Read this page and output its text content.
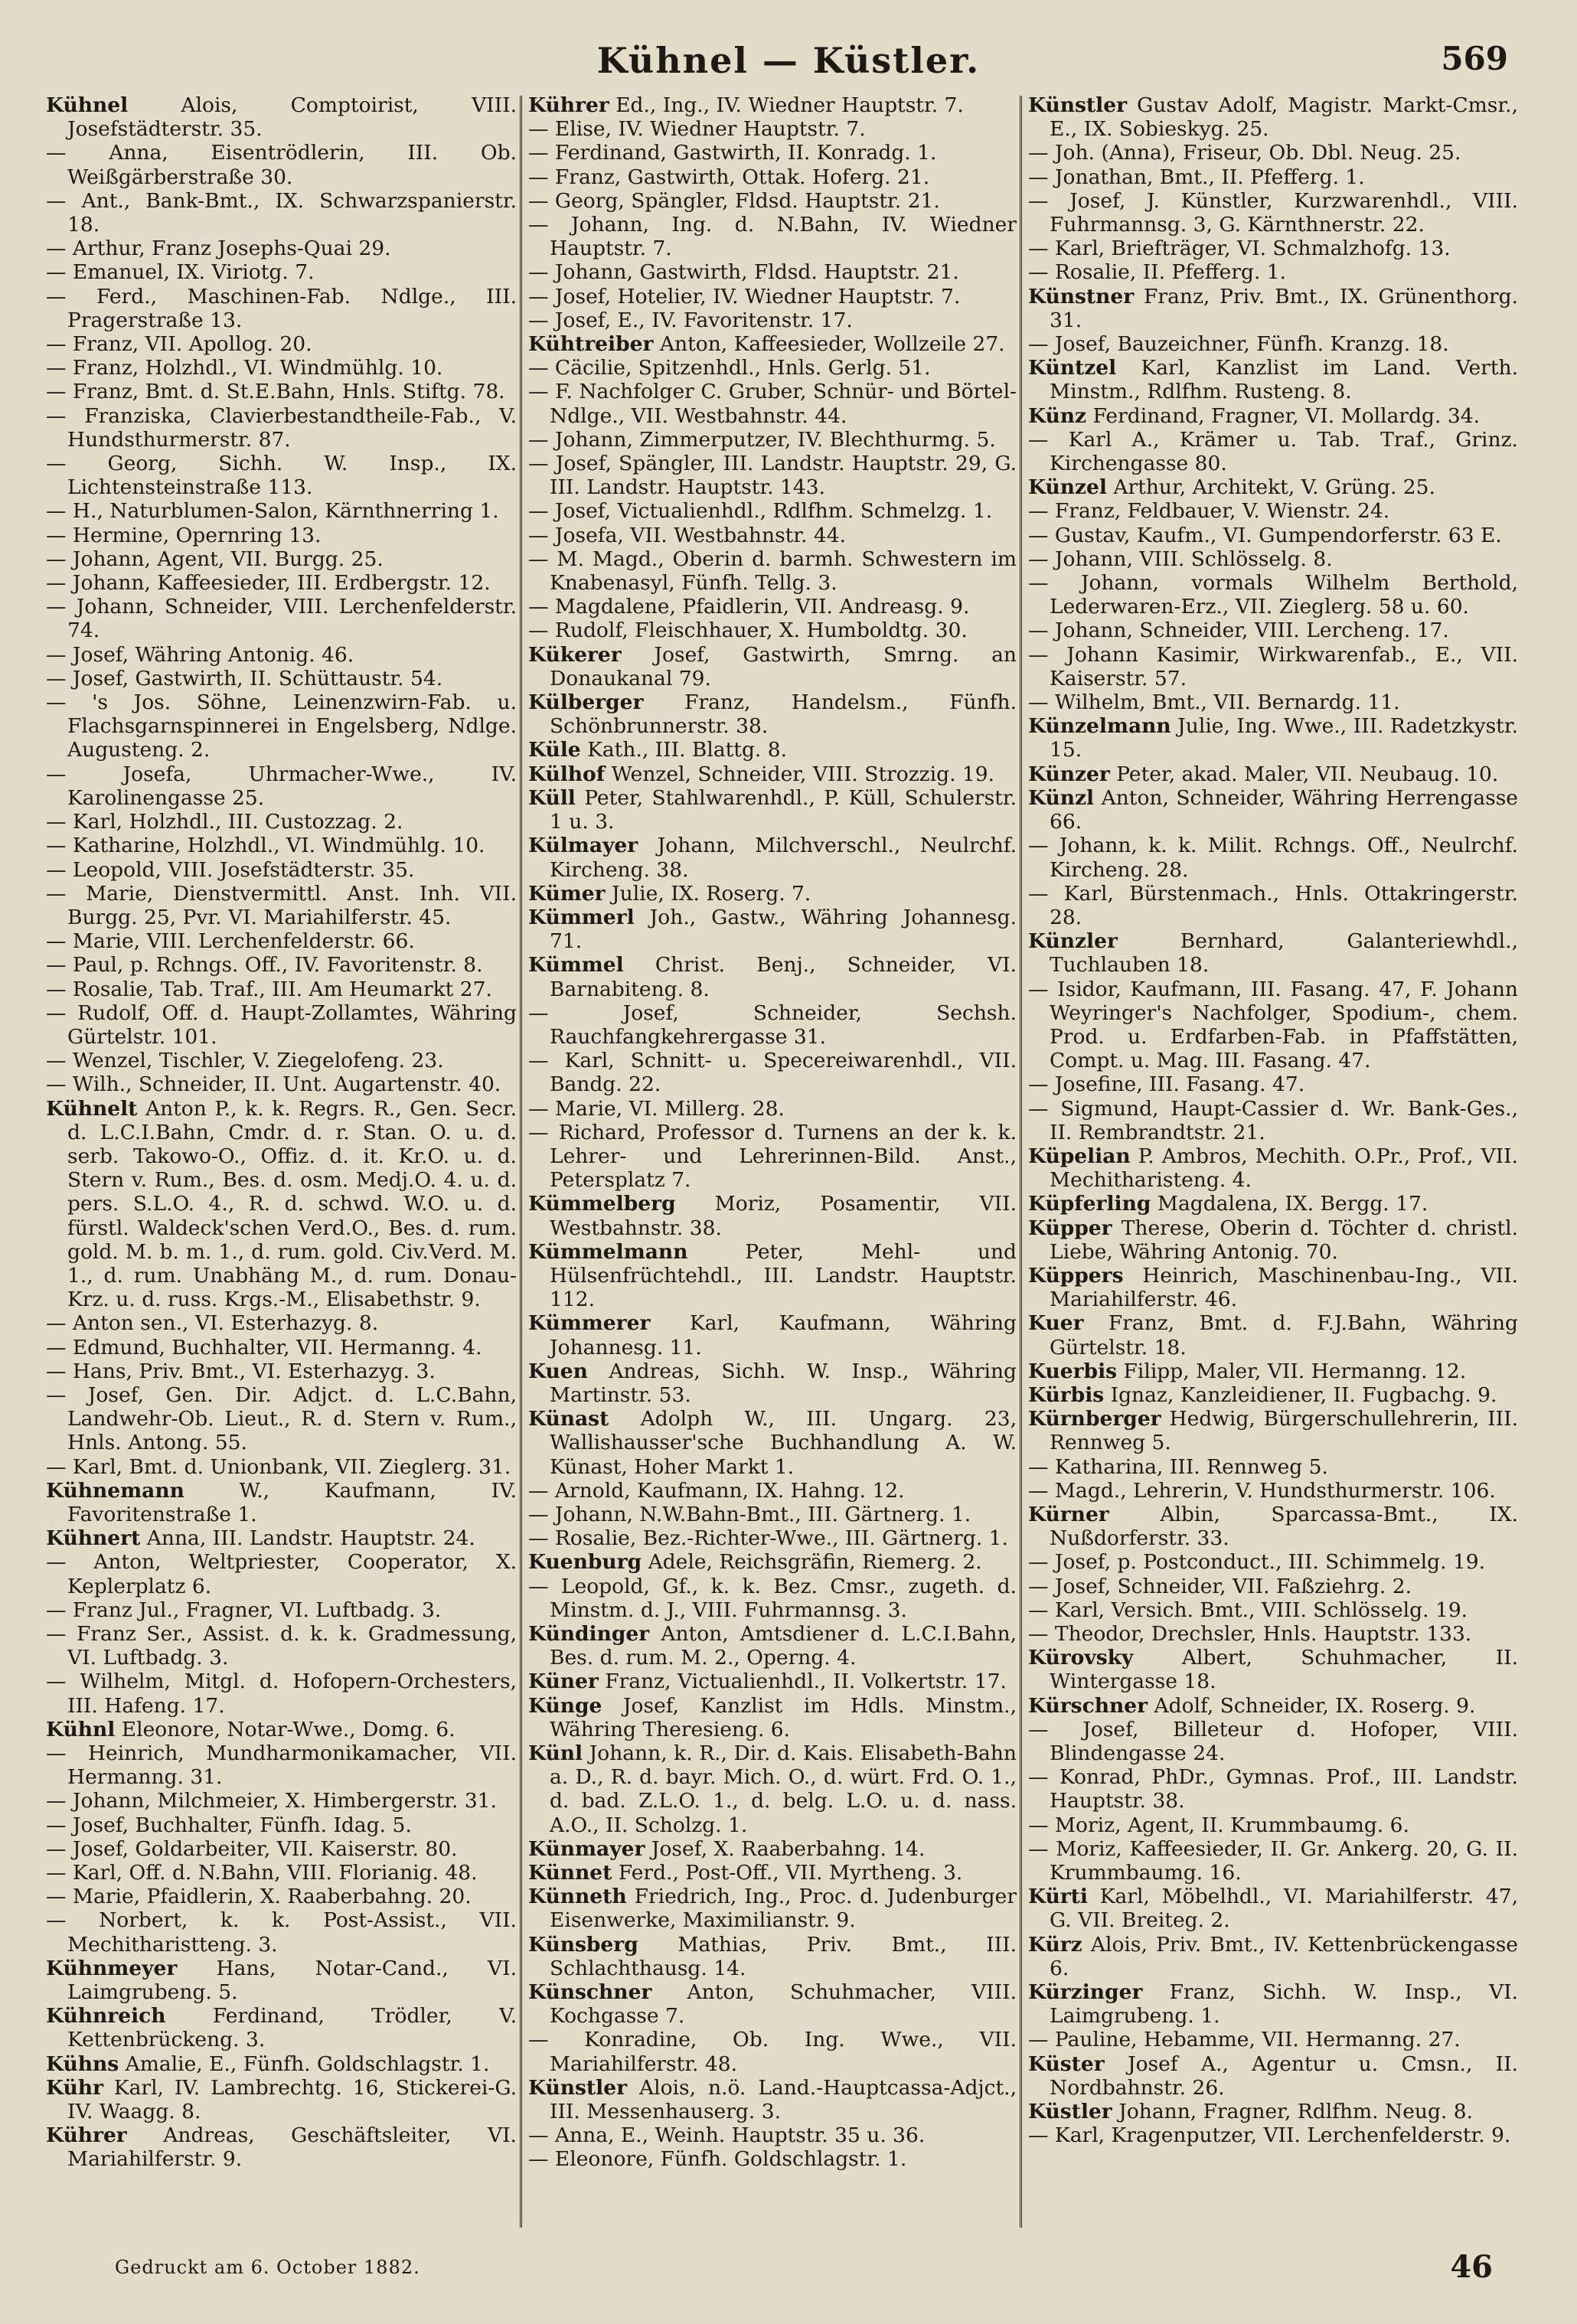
Kühnel — Küstler.	569

Kühnel Alois, Comptoirist, VIII. Josefstädterstr. 35.

— Anna, Eisentrödlerin, III. Ob. Weißgärberstraße 30.

— Ant., Bank-Bmt., IX. Schwarzspanierstr. 18.

— Arthur, Franz Josephs-Quai 29.

— Emanuel, IX. Viriotg. 7.

— Ferd., Maschinen-Fab. Ndlge., III. Pragerstraße 13.

— Franz, VII. Apollog. 20.

— Franz, Holzhdl., VI. Windmühlg. 10.

— Franz, Bmt. d. St.E.Bahn, Hnls. Stiftg. 78.

— Franziska, Clavierbestandtheile-Fab., V. Hundsthurmerstr. 87.

— Georg, Sichh. W. Insp., IX. Lichtensteinstraße 113.

— H., Naturblumen-Salon, Kärnthnerring 1.

— Hermine, Opernring 13.

— Johann, Agent, VII. Burgg. 25.

— Johann, Kaffeesieder, III. Erdbergstr. 12.

— Johann, Schneider, VIII. Lerchenfelderstr. 74.

— Josef, Währing Antonig. 46.

— Josef, Gastwirth, II. Schüttaustr. 54.

— 's Jos. Söhne, Leinenzwirn-Fab. u. Flachsgarnspinnerei in Engelsberg, Ndlge. Augusteng. 2.

— Josefa, Uhrmacher-Wwe., IV. Karolinengasse 25.

— Karl, Holzhdl., III. Custozzag. 2.

— Katharine, Holzhdl., VI. Windmühlg. 10.

— Leopold, VIII. Josefstädterstr. 35.

— Marie, Dienstvermittl. Anst. Inh. VII. Burgg. 25, Pvr. VI. Mariahilferstr. 45.

— Marie, VIII. Lerchenfelderstr. 66.

— Paul, p. Rchngs. Off., IV. Favoritenstr. 8.

— Rosalie, Tab. Traf., III. Am Heumarkt 27.

— Rudolf, Off. d. Haupt-Zollamtes, Währing Gürtelstr. 101.

— Wenzel, Tischler, V. Ziegelofeng. 23.

— Wilh., Schneider, II. Unt. Augartenstr. 40.

Kühnelt Anton P., k. k. Regrs. R., Gen. Secr. d. L.C.I.Bahn, Cmdr. d. r. Stan. O. u. d. serb. Takowo-O., Offiz. d. it. Kr.O. u. d. Stern v. Rum., Bes. d. osm. Medj.O. 4. u. d. pers. S.L.O. 4., R. d. schwd. W.O. u. d. fürstl. Waldeck'schen Verd.O., Bes. d. rum. gold. M. b. m. 1., d. rum. gold. Civ.Verd. M. 1., d. rum. Unabhäng M., d. rum. Donau-Krz. u. d. russ. Krgs.-M., Elisabethstr. 9.

— Anton sen., VI. Esterhazyg. 8.

— Edmund, Buchhalter, VII. Hermanng. 4.

— Hans, Priv. Bmt., VI. Esterhazyg. 3.

— Josef, Gen. Dir. Adjct. d. L.C.Bahn, Landwehr-Ob. Lieut., R. d. Stern v. Rum., Hnls. Antong. 55.

— Karl, Bmt. d. Unionbank, VII. Zieglerg. 31.

Kühnemann W., Kaufmann, IV. Favoritenstraße 1.

Kühnert Anna, III. Landstr. Hauptstr. 24.

— Anton, Weltpriester, Cooperator, X. Keplerplatz 6.

— Franz Jul., Fragner, VI. Luftbadg. 3.

— Franz Ser., Assist. d. k. k. Gradmessung, VI. Luftbadg. 3.

— Wilhelm, Mitgl. d. Hofopern-Orchesters, III. Hafeng. 17.

Kühnl Eleonore, Notar-Wwe., Domg. 6.

— Heinrich, Mundharmonikamacher, VII. Hermanng. 31.

— Johann, Milchmeier, X. Himbergerstr. 31.

— Josef, Buchhalter, Fünfh. Idag. 5.

— Josef, Goldarbeiter, VII. Kaiserstr. 80.

— Karl, Off. d. N.Bahn, VIII. Florianig. 48.

— Marie, Pfaidlerin, X. Raaberbahng. 20.

— Norbert, k. k. Post-Assist., VII. Mechitharistteng. 3.

Kühnmeyer Hans, Notar-Cand., VI. Laimgrubeng. 5.

Kühnreich Ferdinand, Trödler, V. Kettenbrückeng. 3.

Kühns Amalie, E., Fünfh. Goldschlagstr. 1.

Kühr Karl, IV. Lambrechtg. 16, Stickerei-G. IV. Waagg. 8.

Kührer Andreas, Geschäftsleiter, VI. Mariahilferstr. 9.

Kührer Ed., Ing., IV. Wiedner Hauptstr. 7.

— Elise, IV. Wiedner Hauptstr. 7.

— Ferdinand, Gastwirth, II. Konradg. 1.

— Franz, Gastwirth, Ottak. Hoferg. 21.

— Georg, Spängler, Fldsd. Hauptstr. 21.

— Johann, Ing. d. N.Bahn, IV. Wiedner Hauptstr. 7.

— Johann, Gastwirth, Fldsd. Hauptstr. 21.

— Josef, Hotelier, IV. Wiedner Hauptstr. 7.

— Josef, E., IV. Favoritenstr. 17.

Kühtreiber Anton, Kaffeesieder, Wollzeile 27.

— Cäcilie, Spitzenhdl., Hnls. Gerlg. 51.

— F. Nachfolger C. Gruber, Schnür- und Börtel-Ndlge., VII. Westbahnstr. 44.

— Johann, Zimmerputzer, IV. Blechthurmg. 5.

— Josef, Spängler, III. Landstr. Hauptstr. 29, G. III. Landstr. Hauptstr. 143.

— Josef, Victualienhdl., Rdlfhm. Schmelzg. 1.

— Josefa, VII. Westbahnstr. 44.

— M. Magd., Oberin d. barmh. Schwestern im Knabenasyl, Fünfh. Tellg. 3.

— Magdalene, Pfaidlerin, VII. Andreasg. 9.

— Rudolf, Fleischhauer, X. Humboldtg. 30.

Kükerer Josef, Gastwirth, Smrng. an Donaukanal 79.

Külberger Franz, Handelsm., Fünfh. Schönbrunnerstr. 38.

Küle Kath., III. Blattg. 8.

Külhof Wenzel, Schneider, VIII. Strozzig. 19.

Küll Peter, Stahlwarenhdl., P. Küll, Schulerstr. 1 u. 3.

Külmayer Johann, Milchverschl., Neulrchf. Kircheng. 38.

Kümer Julie, IX. Roserg. 7.

Kümmerl Joh., Gastw., Währing Johannesg. 71.

Kümmel Christ. Benj., Schneider, VI. Barnabiteng. 8.

— Josef, Schneider, Sechsh. Rauchfangkehrergasse 31.

— Karl, Schnitt- u. Specereiwarenhdl., VII. Bandg. 22.

— Marie, VI. Millerg. 28.

— Richard, Professor d. Turnens an der k. k. Lehrer- und Lehrerinnen-Bild. Anst., Petersplatz 7.

Kümmelberg Moriz, Posamentir, VII. Westbahnstr. 38.

Kümmelmann Peter, Mehl- und Hülsenfrüchtehdl., III. Landstr. Hauptstr. 112.

Kümmerer Karl, Kaufmann, Währing Johannesg. 11.

Kuen Andreas, Sichh. W. Insp., Währing Martinstr. 53.

Künast Adolph W., III. Ungarg. 23, Wallishausser'sche Buchhandlung A. W. Künast, Hoher Markt 1.

— Arnold, Kaufmann, IX. Hahng. 12.

— Johann, N.W.Bahn-Bmt., III. Gärtnerg. 1.

— Rosalie, Bez.-Richter-Wwe., III. Gärtnerg. 1.

Kuenburg Adele, Reichsgräfin, Riemerg. 2.

— Leopold, Gf., k. k. Bez. Cmsr., zugeth. d. Minstm. d. J., VIII. Fuhrmannsg. 3.

Kündinger Anton, Amtsdiener d. L.C.I.Bahn, Bes. d. rum. M. 2., Operng. 4.

Küner Franz, Victualienhdl., II. Volkertstr. 17.

Künge Josef, Kanzlist im Hdls. Minstm., Währing Theresieng. 6.

Künl Johann, k. R., Dir. d. Kais. Elisabeth-Bahn a. D., R. d. bayr. Mich. O., d. würt. Frd. O. 1., d. bad. Z.L.O. 1., d. belg. L.O. u. d. nass. A.O., II. Scholzg. 1.

Künmayer Josef, X. Raaberbahng. 14.

Künnet Ferd., Post-Off., VII. Myrtheng. 3.

Künneth Friedrich, Ing., Proc. d. Judenburger Eisenwerke, Maximilianstr. 9.

Künsberg Mathias, Priv. Bmt., III. Schlachthausg. 14.

Künschner Anton, Schuhmacher, VIII. Kochgasse 7.

— Konradine, Ob. Ing. Wwe., VII. Mariahilferstr. 48.

Künstler Alois, n.ö. Land.-Hauptcassa-Adjct., III. Messenhauserg. 3.

— Anna, E., Weinh. Hauptstr. 35 u. 36.

— Eleonore, Fünfh. Goldschlagstr. 1.

Künstler Gustav Adolf, Magistr. Markt-Cmsr., E., IX. Sobieskyg. 25.

— Joh. (Anna), Friseur, Ob. Dbl. Neug. 25.

— Jonathan, Bmt., II. Pfefferg. 1.

— Josef, J. Künstler, Kurzwarenhdl., VIII. Fuhrmannsg. 3, G. Kärnthnerstr. 22.

— Karl, Briefträger, VI. Schmalzhofg. 13.

— Rosalie, II. Pfefferg. 1.

Künstner Franz, Priv. Bmt., IX. Grünenthorg. 31.

— Josef, Bauzeichner, Fünfh. Kranzg. 18.

Küntzel Karl, Kanzlist im Land. Verth. Minstm., Rdlfhm. Rusteng. 8.

Künz Ferdinand, Fragner, VI. Mollardg. 34.

— Karl A., Krämer u. Tab. Traf., Grinz. Kirchengasse 80.

Künzel Arthur, Architekt, V. Grüng. 25.

— Franz, Feldbauer, V. Wienstr. 24.

— Gustav, Kaufm., VI. Gumpendorferstr. 63 E.

— Johann, VIII. Schlösselg. 8.

— Johann, vormals Wilhelm Berthold, Lederwaren-Erz., VII. Zieglerg. 58 u. 60.

— Johann, Schneider, VIII. Lercheng. 17.

— Johann Kasimir, Wirkwarenfab., E., VII. Kaiserstr. 57.

— Wilhelm, Bmt., VII. Bernardg. 11.

Künzelmann Julie, Ing. Wwe., III. Radetzkystr. 15.

Künzer Peter, akad. Maler, VII. Neubaug. 10.

Künzl Anton, Schneider, Währing Herrengasse 66.

— Johann, k. k. Milit. Rchngs. Off., Neulrchf. Kircheng. 28.

— Karl, Bürstenmach., Hnls. Ottakringerstr. 28.

Künzler Bernhard, Galanteriewhdl., Tuchlauben 18.

— Isidor, Kaufmann, III. Fasang. 47, F. Johann Weyringer's Nachfolger, Spodium-, chem. Prod. u. Erdfarben-Fab. in Pfaffstätten, Compt. u. Mag. III. Fasang. 47.

— Josefine, III. Fasang. 47.

— Sigmund, Haupt-Cassier d. Wr. Bank-Ges., II. Rembrandtstr. 21.

Küpelian P. Ambros, Mechith. O.Pr., Prof., VII. Mechitharisteng. 4.

Küpferling Magdalena, IX. Bergg. 17.

Küpper Therese, Oberin d. Töchter d. christl. Liebe, Währing Antonig. 70.

Küppers Heinrich, Maschinenbau-Ing., VII. Mariahilferstr. 46.

Kuer Franz, Bmt. d. F.J.Bahn, Währing Gürtelstr. 18.

Kuerbis Filipp, Maler, VII. Hermanng. 12.

Kürbis Ignaz, Kanzleidiener, II. Fugbachg. 9.

Kürnberger Hedwig, Bürgerschullehrerin, III. Rennweg 5.

— Katharina, III. Rennweg 5.

— Magd., Lehrerin, V. Hundsthurmerstr. 106.

Kürner Albin, Sparcassa-Bmt., IX. Nußdorferstr. 33.

— Josef, p. Postconduct., III. Schimmelg. 19.

— Josef, Schneider, VII. Faßziehrg. 2.

— Karl, Versich. Bmt., VIII. Schlösselg. 19.

— Theodor, Drechsler, Hnls. Hauptstr. 133.

Kürovsky Albert, Schuhmacher, II. Wintergasse 18.

Kürschner Adolf, Schneider, IX. Roserg. 9.

— Josef, Billeteur d. Hofoper, VIII. Blindengasse 24.

— Konrad, PhDr., Gymnas. Prof., III. Landstr. Hauptstr. 38.

— Moriz, Agent, II. Krummbaumg. 6.

— Moriz, Kaffeesieder, II. Gr. Ankerg. 20, G. II. Krummbaumg. 16.

Kürti Karl, Möbelhdl., VI. Mariahilferstr. 47, G. VII. Breiteg. 2.

Kürz Alois, Priv. Bmt., IV. Kettenbrückengasse 6.

Kürzinger Franz, Sichh. W. Insp., VI. Laimgrubeng. 1.

— Pauline, Hebamme, VII. Hermanng. 27.

Küster Josef A., Agentur u. Cmsn., II. Nordbahnstr. 26.

Küstler Johann, Fragner, Rdlfhm. Neug. 8.

— Karl, Kragenputzer, VII. Lerchenfelderstr. 9.

Gedruckt am 6. October 1882.	46
